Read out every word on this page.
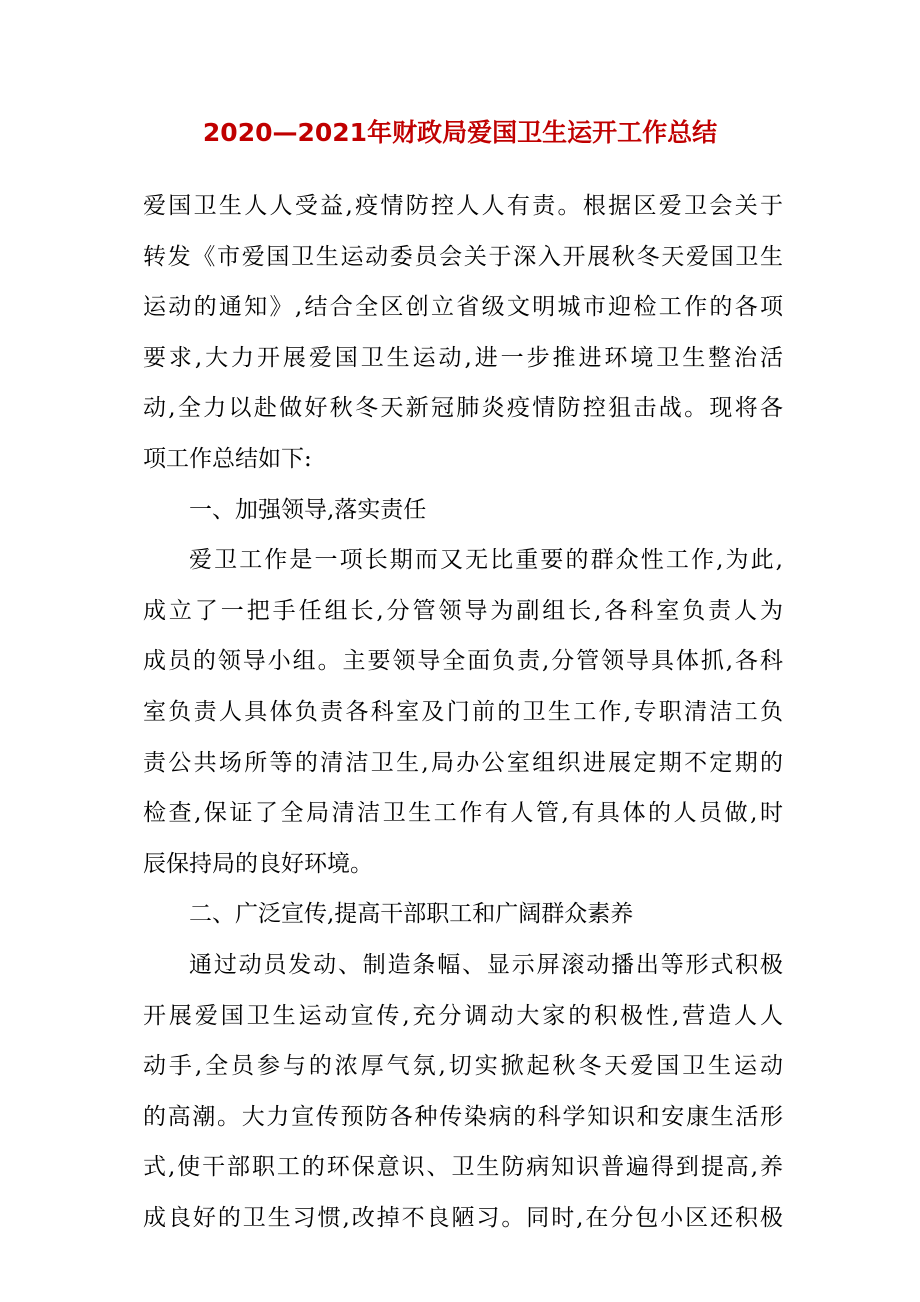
2020—2021年财政局爱国卫生运开工作总结
爱国卫生人人受益,疫情防控人人有责。根据区爱卫会关于
转发《市爱国卫生运动委员会关于深入开展秋冬天爱国卫生
运动的通知》,结合全区创立省级文明城市迎检工作的各项
要求,大力开展爱国卫生运动,进一步推进环境卫生整治活
动,全力以赴做好秋冬天新冠肺炎疫情防控狙击战。现将各
项工作总结如下:
一、加强领导,落实责任
爱卫工作是一项长期而又无比重要的群众性工作,为此,
成立了一把手任组长,分管领导为副组长,各科室负责人为
成员的领导小组。主要领导全面负责,分管领导具体抓,各科
室负责人具体负责各科室及门前的卫生工作,专职清洁工负
责公共场所等的清洁卫生,局办公室组织进展定期不定期的
检查,保证了全局清洁卫生工作有人管,有具体的人员做,时
辰保持局的良好环境。
二、广泛宣传,提高干部职工和广阔群众素养
通过动员发动、制造条幅、显示屏滚动播出等形式积极
开展爱国卫生运动宣传,充分调动大家的积极性,营造人人
动手,全员参与的浓厚气氛,切实掀起秋冬天爱国卫生运动
的高潮。大力宣传预防各种传染病的科学知识和安康生活形
式,使干部职工的环保意识、卫生防病知识普遍得到提高,养
成良好的卫生习惯,改掉不良陋习。同时,在分包小区还积极
